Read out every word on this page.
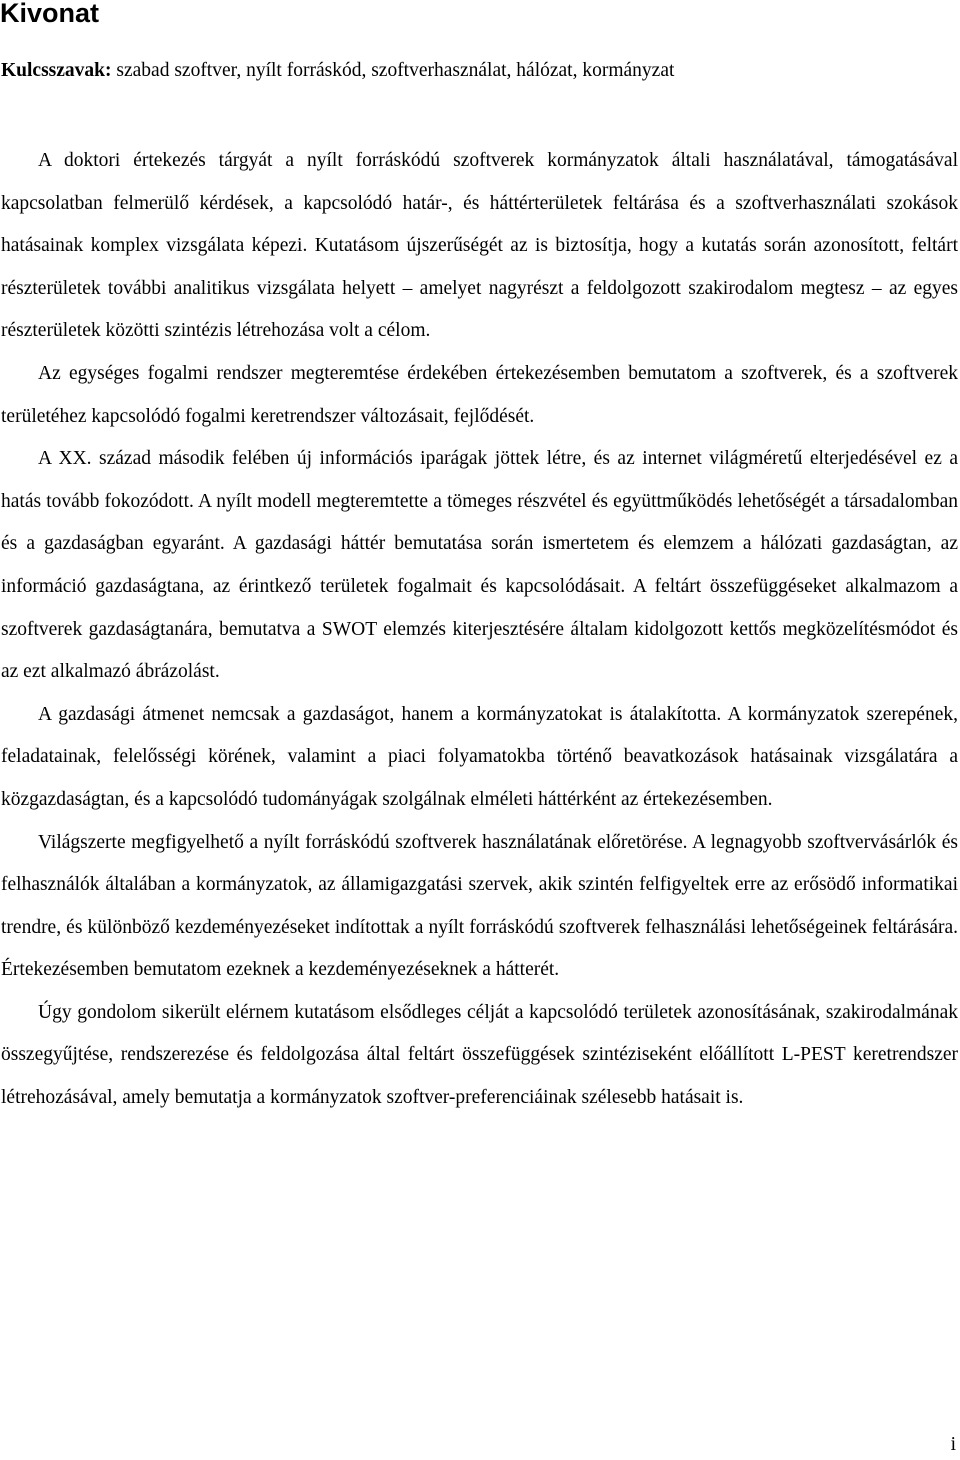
Kivonat

Kulcsszavak: szabad szoftver, nyílt forráskód, szoftverhasználat, hálózat, kormányzat

A doktori értekezés tárgyát a nyílt forráskódú szoftverek kormányzatok általi használatával, támogatásával kapcsolatban felmerülő kérdések, a kapcsolódó határ-, és háttérterületek feltárása és a szoftverhasználati szokások hatásainak komplex vizsgálata képezi. Kutatásom újszerűségét az is biztosítja, hogy a kutatás során azonosított, feltárt részterületek további analitikus vizsgálata helyett – amelyet nagyrészt a feldolgozott szakirodalom megtesz – az egyes részterületek közötti szintézis létrehozása volt a célom.

Az egységes fogalmi rendszer megteremtése érdekében értekezésemben bemutatom a szoftverek, és a szoftverek területéhez kapcsolódó fogalmi keretrendszer változásait, fejlődését.

A XX. század második felében új információs iparágak jöttek létre, és az internet világméretű elterjedésével ez a hatás tovább fokozódott. A nyílt modell megteremtette a tömeges részvétel és együttműködés lehetőségét a társadalomban és a gazdaságban egyaránt. A gazdasági háttér bemutatása során ismertetem és elemzem a hálózati gazdaságtan, az információ gazdaságtana, az érintkező területek fogalmait és kapcsolódásait. A feltárt összefüggéseket alkalmazom a szoftverek gazdaságtanára, bemutatva a SWOT elemzés kiterjesztésére általam kidolgozott kettős megközelítésmódot és az ezt alkalmazó ábrázolást.

A gazdasági átmenet nemcsak a gazdaságot, hanem a kormányzatokat is átalakította. A kormányzatok szerepének, feladatainak, felelősségi körének, valamint a piaci folyamatokba történő beavatkozások hatásainak vizsgálatára a közgazdaságtan, és a kapcsolódó tudományágak szolgálnak elméleti háttérként az értekezésemben.

Világszerte megfigyelhető a nyílt forráskódú szoftverek használatának előretörése. A legnagyobb szoftvervásárlók és felhasználók általában a kormányzatok, az államigazgatási szervek, akik szintén felfigyeltek erre az erősödő informatikai trendre, és különböző kezdeményezéseket indítottak a nyílt forráskódú szoftverek felhasználási lehetőségeinek feltárására. Értekezésemben bemutatom ezeknek a kezdeményezéseknek a hátterét.

Úgy gondolom sikerült elérnem kutatásom elsődleges célját a kapcsolódó területek azonosításának, szakirodalmának összegyűjtése, rendszerezése és feldolgozása által feltárt összefüggések szintéziseként előállított L-PEST keretrendszer létrehozásával, amely bemutatja a kormányzatok szoftver-preferenciáinak szélesebb hatásait is.

i
